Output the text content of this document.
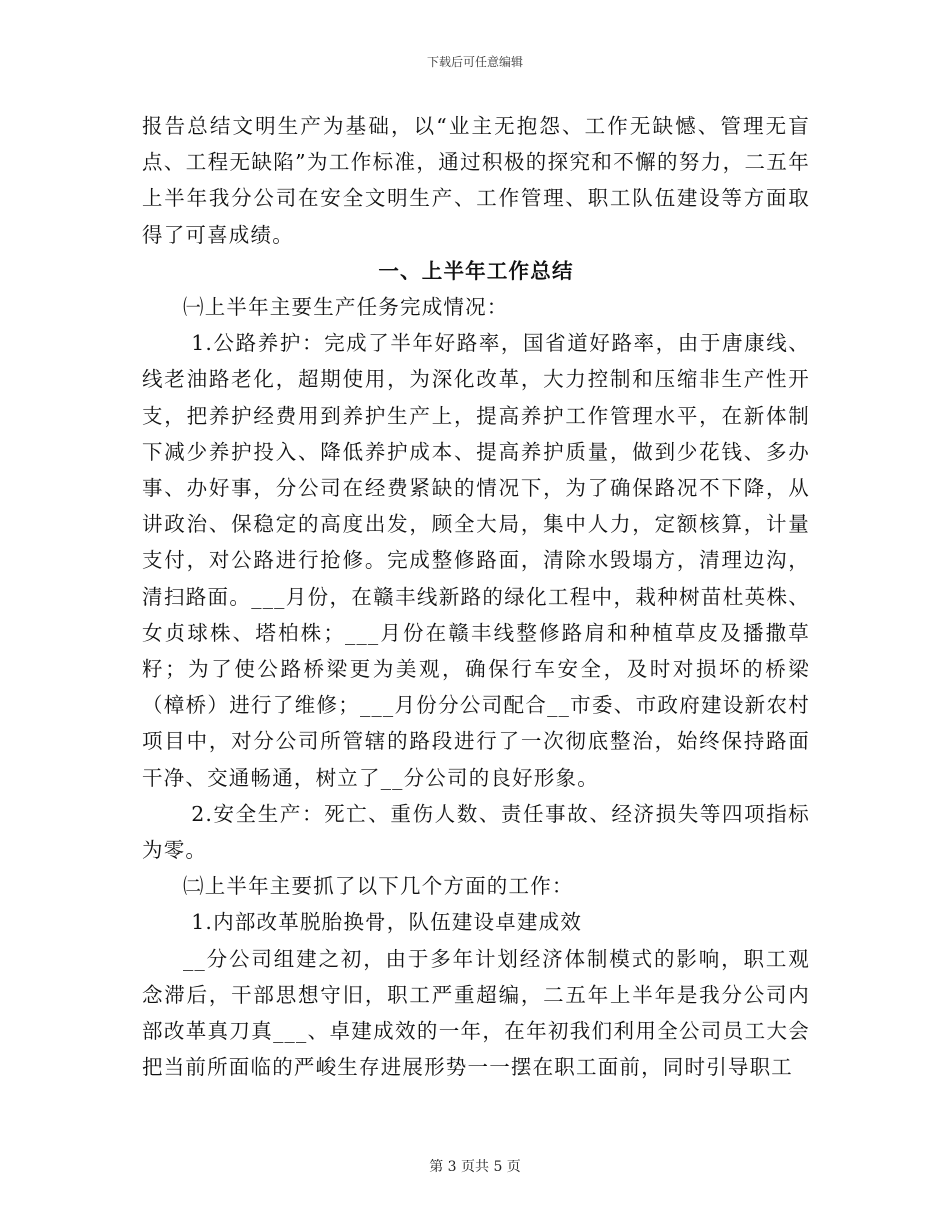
下载后可任意编辑

报告总结文明生产为基础，以“业主无抱怨、工作无缺憾、管理无盲点、工程无缺陷”为工作标准，通过积极的探究和不懈的努力，二五年上半年我分公司在安全文明生产、工作管理、职工队伍建设等方面取得了可喜成绩。

一、上半年工作总结

㈠上半年主要生产任务完成情况：

1.公路养护：完成了半年好路率，国省道好路率，由于唐康线、线老油路老化，超期使用，为深化改革，大力控制和压缩非生产性开支，把养护经费用到养护生产上，提高养护工作管理水平，在新体制下减少养护投入、降低养护成本、提高养护质量，做到少花钱、多办事、办好事，分公司在经费紧缺的情况下，为了确保路况不下降，从讲政治、保稳定的高度出发，顾全大局，集中人力，定额核算，计量支付，对公路进行抢修。完成整修路面，清除水毁塌方，清理边沟，清扫路面。___月份，在赣丰线新路的绿化工程中，栽种树苗杜英株、女贞球株、塔柏株；___月份在赣丰线整修路肩和种植草皮及播撒草籽；为了使公路桥梁更为美观，确保行车安全，及时对损坏的桥梁（樟桥）进行了维修；___月份分公司配合__市委、市政府建设新农村项目中，对分公司所管辖的路段进行了一次彻底整治，始终保持路面干净、交通畅通，树立了__分公司的良好形象。

2.安全生产：死亡、重伤人数、责任事故、经济损失等四项指标为零。

㈡上半年主要抓了以下几个方面的工作：

1.内部改革脱胎换骨，队伍建设卓建成效

__分公司组建之初，由于多年计划经济体制模式的影响，职工观念滞后，干部思想守旧，职工严重超编，二五年上半年是我分公司内部改革真刀真___、卓建成效的一年，在年初我们利用全公司员工大会把当前所面临的严峻生存进展形势一一摆在职工面前，同时引导职工

第 3 页共 5 页
